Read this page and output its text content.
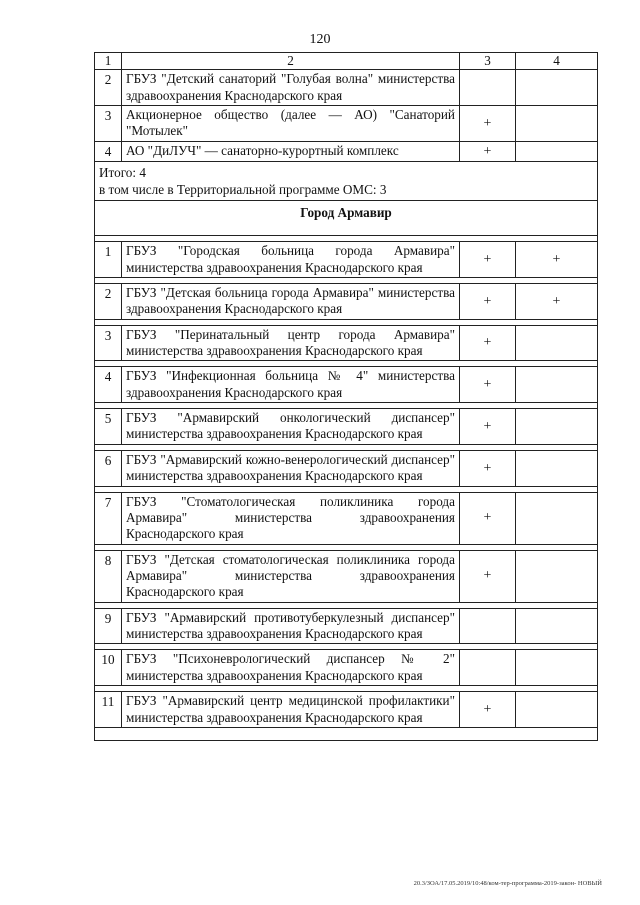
120
1	2	3	4
2	ГБУЗ "Детский санаторий "Голубая волна" министерства здравоохранения Краснодарского края		
3	Акционерное общество (далее — АО) "Санаторий "Мотылек"	+	
4	АО "ДиЛУЧ" — санаторно-курортный комплекс	+	

Итого: 4
в том числе в Территориальной программе ОМС: 3			

Город Армавир			

1	ГБУЗ "Городская больница города Армавира" министерства здравоохранения Краснодарского края	+	+

2	ГБУЗ "Детская больница города Армавира" министерства здравоохранения Краснодарского края	+	+

3	ГБУЗ "Перинатальный центр города Армавира" министерства здравоохранения Краснодарского края	+	

4	ГБУЗ "Инфекционная больница № 4" министерства здравоохранения Краснодарского края	+	

5	ГБУЗ "Армавирский онкологический диспансер" министерства здравоохранения Краснодарского края	+	

6	ГБУЗ "Армавирский кожно-венерологический диспансер" министерства здравоохранения Краснодарского края	+	

7	ГБУЗ "Стоматологическая поликлиника города Армавира" министерства здравоохранения Краснодарского края	+	

8	ГБУЗ "Детская стоматологическая поликлиника города Армавира" министерства здравоохранения Краснодарского края	+	

9	ГБУЗ "Армавирский противотуберкулезный диспансер" министерства здравоохранения Краснодарского края		

10	ГБУЗ "Психоневрологический диспансер № 2" министерства здравоохранения Краснодарского края		

11	ГБУЗ "Армавирский центр медицинской профилактики" министерства здравоохранения Краснодарского края	+	

20.3/ЗОА/17.05.2019/10:48/ком-тер-программа-2019-закон- НОВЫЙ
